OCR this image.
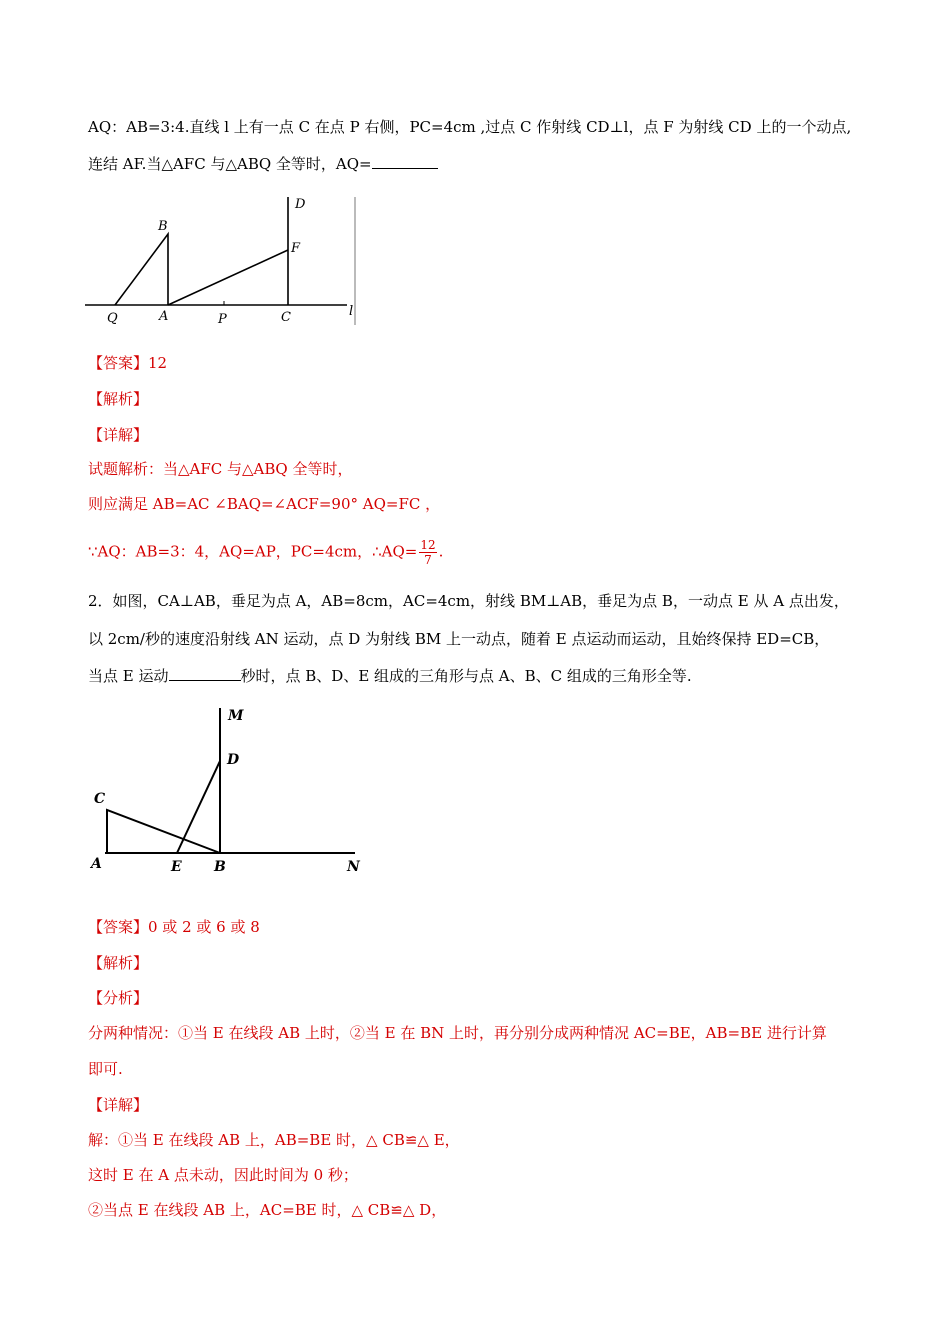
AQ：AB=3:4.直线 l 上有一点 C 在点 P 右侧，PC=4cm ,过点 C 作射线 CD⊥l，点 F 为射线 CD 上的一个动点,
连结 AF.当△AFC 与△ABQ 全等时，AQ=
D
B
F
Q	A	P	C	l
【答案】12
【解析】
【详解】
试题解析：当△AFC 与△ABQ 全等时，
则应满足 AB=AC ∠BAQ=∠ACF=90° AQ=FC ，
∵AQ：AB=3：4，AQ=AP，PC=4cm，∴AQ= $\frac{12}{7}$ .
2．如图，CA⊥AB，垂足为点 A，AB=8cm，AC=4cm，射线 BM⊥AB，垂足为点 B，一动点 E 从 A 点出发，
以 2cm/秒的速度沿射线 AN 运动，点 D 为射线 BM 上一动点，随着 E 点运动而运动，且始终保持 ED=CB，
当点 E 运动	秒时，点 B、D、E 组成的三角形与点 A、B、C 组成的三角形全等.
M
D
C
A	E B	N
【答案】0 或 2 或 6 或 8
【解析】
【分析】
分两种情况：①当 E 在线段 AB 上时，②当 E 在 BN 上时，再分别分成两种情况 AC=BE，AB=BE 进行计算
即可.
【详解】
解：①当 E 在线段 AB 上，AB=BE 时，△ CB≌△ E，
这时 E 在 A 点未动，因此时间为 0 秒；
②当点 E 在线段 AB 上，AC=BE 时，△ CB≌△ D，
